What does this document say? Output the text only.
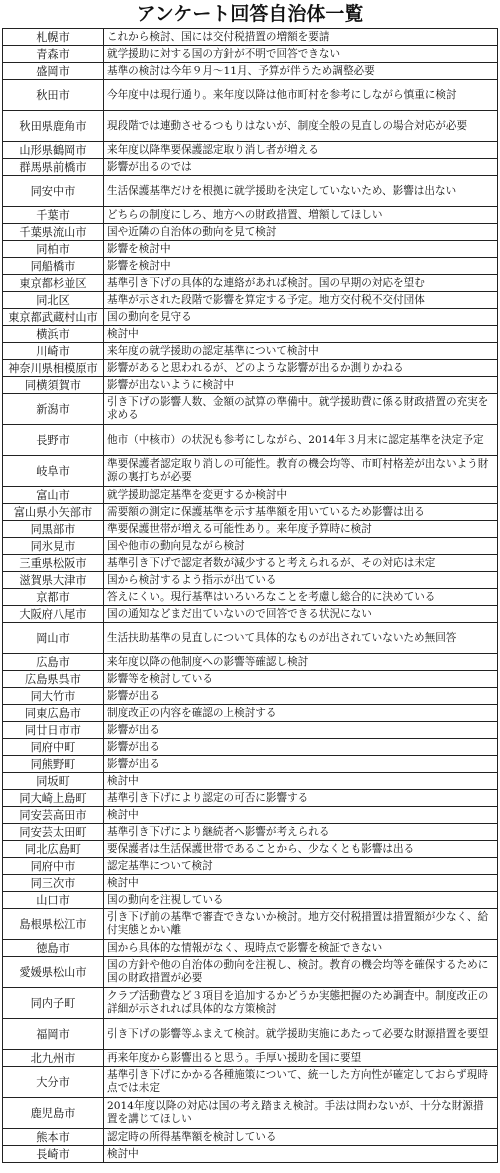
アンケート回答自治体一覧
札幌市	これから検討、国には交付税措置の増額を要請
青森市	就学援助に対する国の方針が不明で回答できない
盛岡市	基準の検討は今年９月～11月、予算が伴うため調整必要
秋田市	今年度中は現行通り。来年度以降は他市町村を参考にしながら慎重に検討
秋田県鹿角市	現段階では連動させるつもりはないが、制度全般の見直しの場合対応が必要
山形県鶴岡市	来年度以降準要保護認定取り消し者が増える
群馬県前橋市	影響が出るのでは
同安中市	生活保護基準だけを根拠に就学援助を決定していないため、影響は出ない
千葉市	どちらの制度にしろ、地方への財政措置、増額してほしい
千葉県流山市	国や近隣の自治体の動向を見て検討
同柏市	影響を検討中
同船橋市	影響を検討中
東京都杉並区	基準引き下げの具体的な連絡があれば検討。国の早期の対応を望む
同北区	基準が示された段階で影響を算定する予定。地方交付税不交付団体
東京都武蔵村山市	国の動向を見守る
横浜市	検討中
川崎市	来年度の就学援助の認定基準について検討中
神奈川県相模原市	影響があると思われるが、どのような影響が出るか測りかねる
同横須賀市	影響が出ないように検討中
新潟市	引き下げの影響人数、金額の試算の準備中。就学援助費に係る財政措置の充実を求める
長野市	他市（中核市）の状況も参考にしながら、2014年３月末に認定基準を決定予定
岐阜市	準要保護者認定取り消しの可能性。教育の機会均等、市町村格差が出ないよう財源の裏打ちが必要
富山市	就学援助認定基準を変更するか検討中
富山県小矢部市	需要額の測定に保護基準を示す基準額を用いているため影響は出る
同黒部市	準要保護世帯が増える可能性あり。来年度予算時に検討
同氷見市	国や他市の動向見ながら検討
三重県松阪市	基準引き下げで認定者数が減少すると考えられるが、その対応は未定
滋賀県大津市	国から検討するよう指示が出ている
京都市	答えにくい。現行基準はいろいろなことを考慮し総合的に決めている
大阪府八尾市	国の通知などまだ出ていないので回答できる状況にない
岡山市	生活扶助基準の見直しについて具体的なものが出されていないため無回答
広島市	来年度以降の他制度への影響等確認し検討
広島県呉市	影響等を検討している
同大竹市	影響が出る
同東広島市	制度改正の内容を確認の上検討する
同廿日市市	影響が出る
同府中町	影響が出る
同熊野町	影響が出る
同坂町	検討中
同大崎上島町	基準引き下げにより認定の可否に影響する
同安芸高田市	検討中
同安芸太田町	基準引き下げにより継続者へ影響が考えられる
同北広島町	要保護者は生活保護世帯であることから、少なくとも影響は出る
同府中市	認定基準について検討
同三次市	検討中
山口市	国の動向を注視している
島根県松江市	引き下げ前の基準で審査できないか検討。地方交付税措置は措置額が少なく、給付実態とかい離
徳島市	国から具体的な情報がなく、現時点で影響を検証できない
愛媛県松山市	国の方針や他の自治体の動向を注視し、検討。教育の機会均等を確保するために国の財政措置が必要
同内子町	クラブ活動費など３項目を追加するかどうか実態把握のため調査中。制度改正の詳細が示されれば具体的な方策検討
福岡市	引き下げの影響等ふまえて検討。就学援助実施にあたって必要な財源措置を要望
北九州市	再来年度から影響出ると思う。手厚い援助を国に要望
大分市	基準引き下げにかかる各種施策について、統一した方向性が確定しておらず現時点では未定
鹿児島市	2014年度以降の対応は国の考え踏まえ検討。手法は問わないが、十分な財源措置を講じてほしい
熊本市	認定時の所得基準額を検討している
長崎市	検討中
